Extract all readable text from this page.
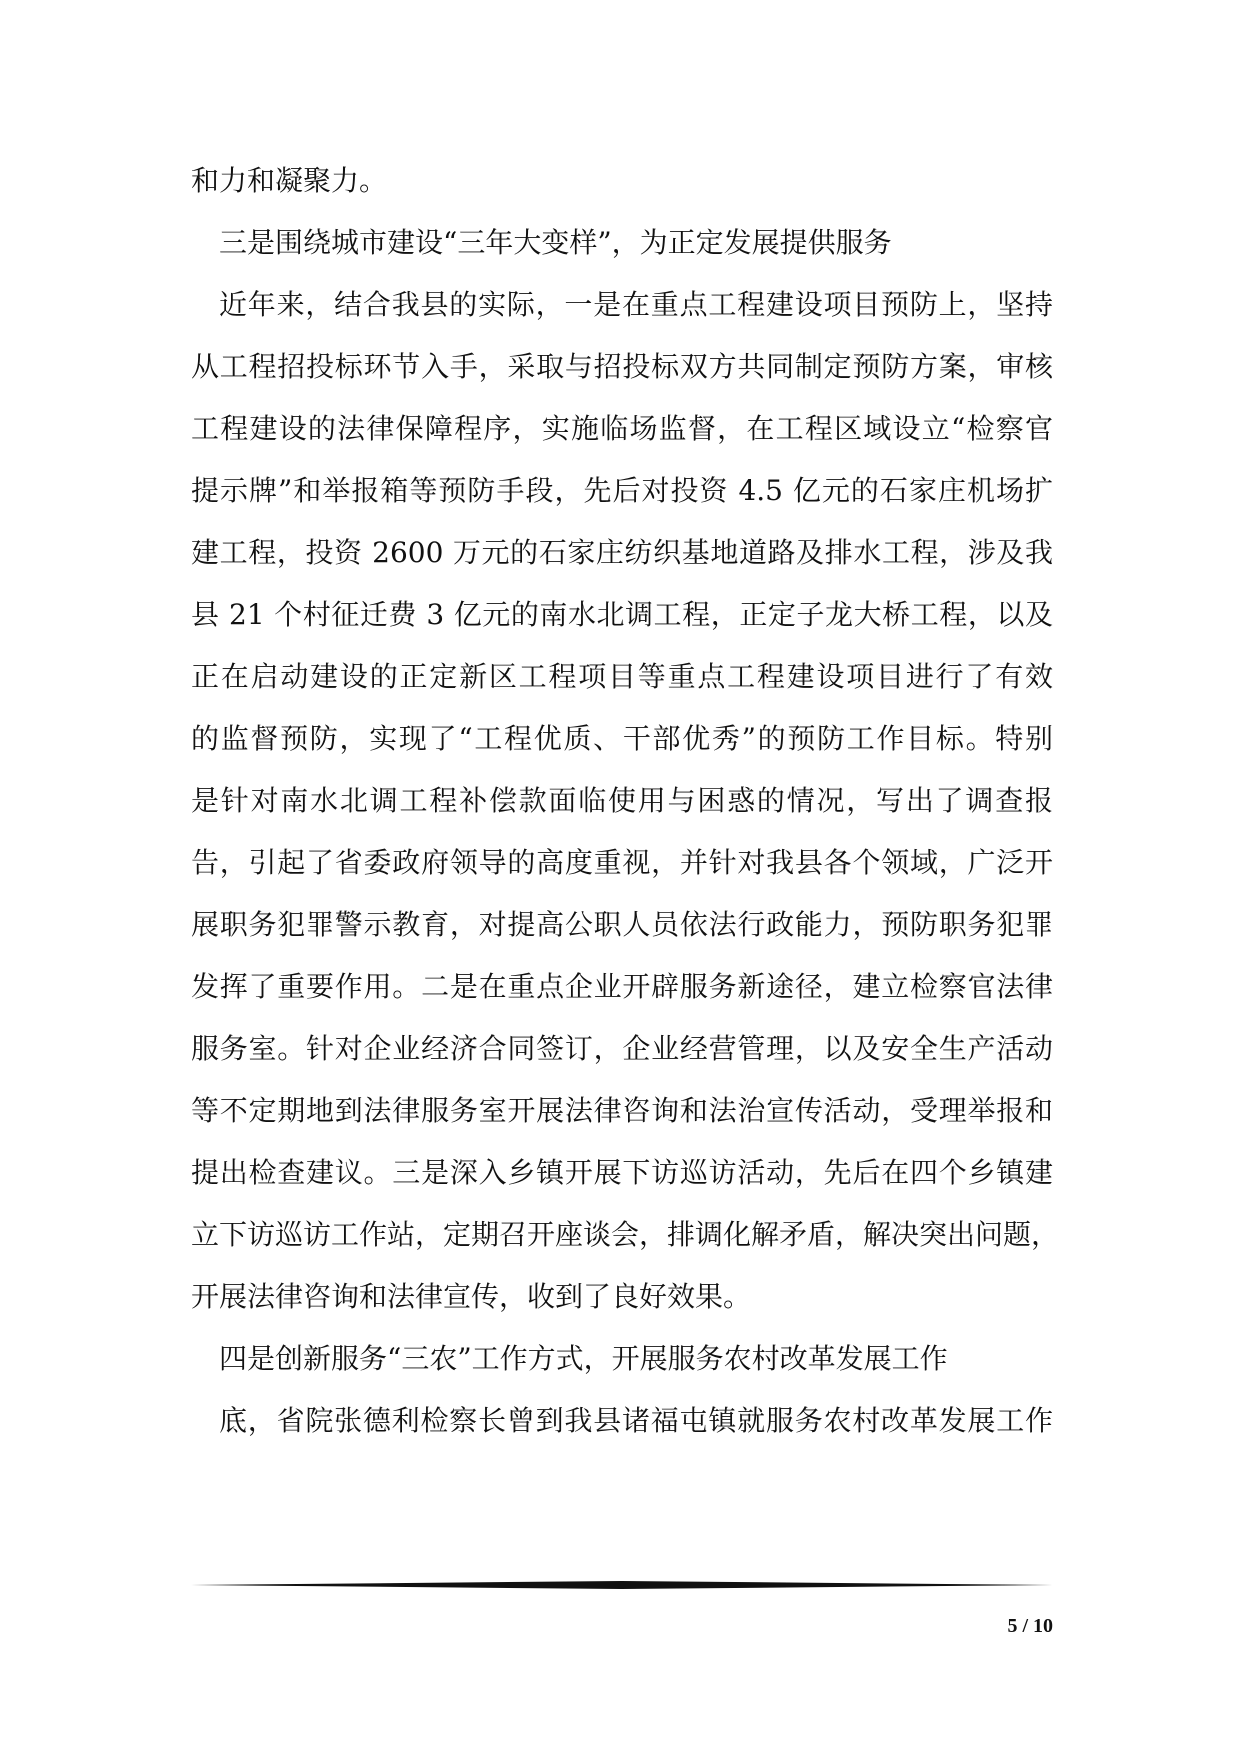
和力和凝聚力。
三是围绕城市建设“三年大变样”，为正定发展提供服务
近年来，结合我县的实际，一是在重点工程建设项目预防上，坚持
从工程招投标环节入手，采取与招投标双方共同制定预防方案，审核
工程建设的法律保障程序，实施临场监督，在工程区域设立“检察官
提示牌”和举报箱等预防手段，先后对投资 4.5 亿元的石家庄机场扩
建工程，投资 2600 万元的石家庄纺织基地道路及排水工程，涉及我
县 21 个村征迁费 3 亿元的南水北调工程，正定子龙大桥工程，以及
正在启动建设的正定新区工程项目等重点工程建设项目进行了有效
的监督预防，实现了“工程优质、干部优秀”的预防工作目标。特别
是针对南水北调工程补偿款面临使用与困惑的情况，写出了调查报
告，引起了省委政府领导的高度重视，并针对我县各个领域，广泛开
展职务犯罪警示教育，对提高公职人员依法行政能力，预防职务犯罪
发挥了重要作用。二是在重点企业开辟服务新途径，建立检察官法律
服务室。针对企业经济合同签订，企业经营管理，以及安全生产活动
等不定期地到法律服务室开展法律咨询和法治宣传活动，受理举报和
提出检查建议。三是深入乡镇开展下访巡访活动，先后在四个乡镇建
立下访巡访工作站，定期召开座谈会，排调化解矛盾，解决突出问题，
开展法律咨询和法律宣传，收到了良好效果。
四是创新服务“三农”工作方式，开展服务农村改革发展工作
底，省院张德利检察长曾到我县诸福屯镇就服务农村改革发展工作
5 / 10
